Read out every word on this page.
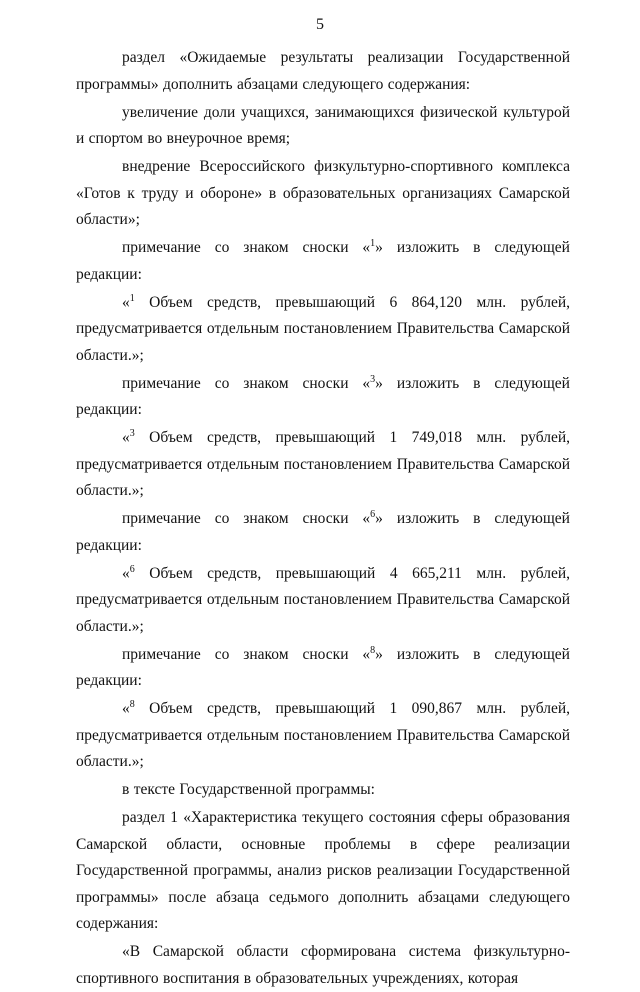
5

раздел «Ожидаемые результаты реализации Государственной программы» дополнить абзацами следующего содержания:

увеличение доли учащихся, занимающихся физической культурой и спортом во внеурочное время;

внедрение Всероссийского физкультурно-спортивного комплекса «Готов к труду и обороне» в образовательных организациях Самарской области»;

примечание со знаком сноски «$^1$» изложить в следующей редакции:

«$^1$ Объем средств, превышающий 6 864,120 млн. рублей, предусматривается отдельным постановлением Правительства Самарской области.»;

примечание со знаком сноски «$^3$» изложить в следующей редакции:

«$^3$ Объем средств, превышающий 1 749,018 млн. рублей, предусматривается отдельным постановлением Правительства Самарской области.»;

примечание со знаком сноски «$^6$» изложить в следующей редакции:

«$^6$ Объем средств, превышающий 4 665,211 млн. рублей, предусматривается отдельным постановлением Правительства Самарской области.»;

примечание со знаком сноски «$^8$» изложить в следующей редакции:

«$^8$ Объем средств, превышающий 1 090,867 млн. рублей, предусматривается отдельным постановлением Правительства Самарской области.»;

в тексте Государственной программы:

раздел 1 «Характеристика текущего состояния сферы образования Самарской области, основные проблемы в сфере реализации Государственной программы, анализ рисков реализации Государственной программы» после абзаца седьмого дополнить абзацами следующего содержания:

«В Самарской области сформирована система физкультурно-спортивного воспитания в образовательных учреждениях, которая
